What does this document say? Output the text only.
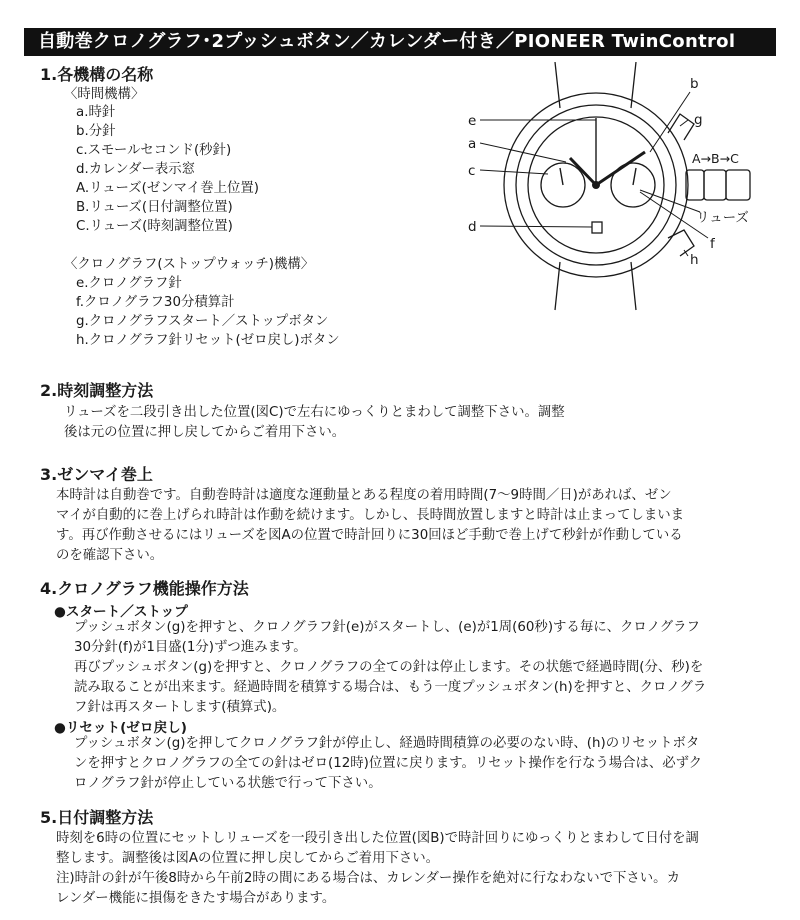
自動巻クロノグラフ･2プッシュボタン／カレンダー付き／PIONEER TwinControl
1.各機構の名称
〈時間機構〉
a.時針
b.分針
c.スモールセコンド(秒針)
d.カレンダー表示窓
A.リューズ(ゼンマイ巻上位置)
B.リューズ(日付調整位置)
C.リューズ(時刻調整位置)
〈クロノグラフ(ストップウォッチ)機構〉
e.クロノグラフ針
f.クロノグラフ30分積算計
g.クロノグラフスタート／ストップボタン
h.クロノグラフ針リセット(ゼロ戻し)ボタン
e
a
c
d
b
g
A→B→C
リューズ
f
h
2.時刻調整方法
リューズを二段引き出した位置(図C)で左右にゆっくりとまわして調整下さい。調整
後は元の位置に押し戻してからご着用下さい。
3.ゼンマイ巻上
本時計は自動巻です。自動巻時計は適度な運動量とある程度の着用時間(7〜9時間／日)があれば、ゼン
マイが自動的に巻上げられ時計は作動を続けます。しかし、長時間放置しますと時計は止まってしまいま
す。再び作動させるにはリューズを図Aの位置で時計回りに30回ほど手動で巻上げて秒針が作動している
のを確認下さい。
4.クロノグラフ機能操作方法
●スタート／ストップ
プッシュボタン(g)を押すと、クロノグラフ針(e)がスタートし、(e)が1周(60秒)する毎に、クロノグラフ
30分針(f)が1目盛(1分)ずつ進みます。
再びプッシュボタン(g)を押すと、クロノグラフの全ての針は停止します。その状態で経過時間(分、秒)を
読み取ることが出来ます。経過時間を積算する場合は、もう一度プッシュボタン(h)を押すと、クロノグラ
フ針は再スタートします(積算式)。
●リセット(ゼロ戻し)
プッシュボタン(g)を押してクロノグラフ針が停止し、経過時間積算の必要のない時、(h)のリセットボタ
ンを押すとクロノグラフの全ての針はゼロ(12時)位置に戻ります。リセット操作を行なう場合は、必ずク
ロノグラフ針が停止している状態で行って下さい。
5.日付調整方法
時刻を6時の位置にセットしリューズを一段引き出した位置(図B)で時計回りにゆっくりとまわして日付を調
整します。調整後は図Aの位置に押し戻してからご着用下さい。
注)時計の針が午後8時から午前2時の間にある場合は、カレンダー操作を絶対に行なわないで下さい。カ
レンダー機能に損傷をきたす場合があります。
